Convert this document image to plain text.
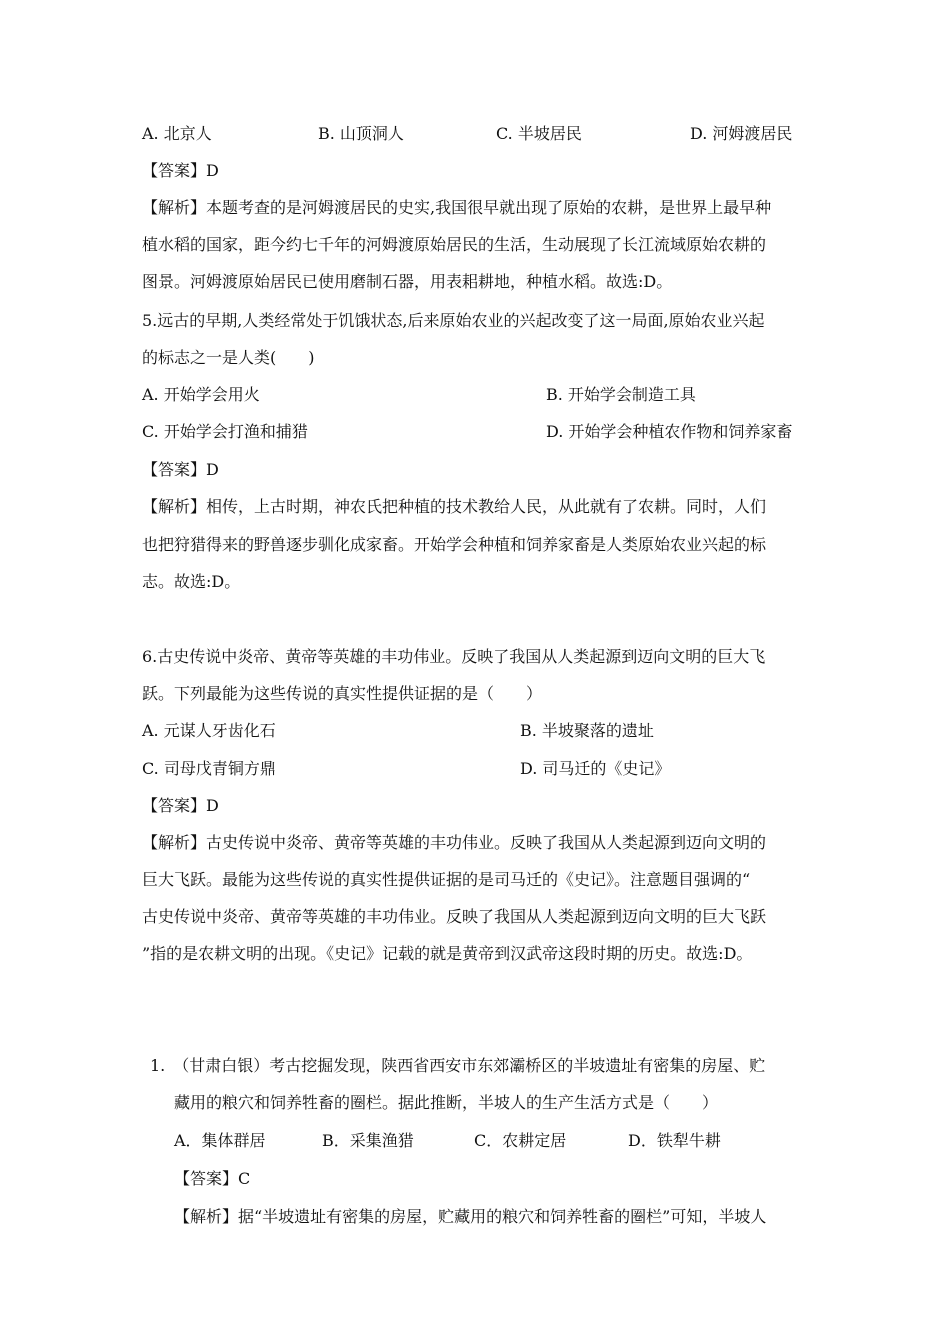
A. 北京人	B. 山顶洞人	C. 半坡居民	D. 河姆渡居民
【答案】D
【解析】本题考查的是河姆渡居民的史实,我国很早就出现了原始的农耕，是世界上最早种
植水稻的国家，距今约七千年的河姆渡原始居民的生活，生动展现了长江流域原始农耕的
图景。河姆渡原始居民已使用磨制石器，用表耜耕地，种植水稻。故选:D。
5.远古的早期,人类经常处于饥饿状态,后来原始农业的兴起改变了这一局面,原始农业兴起
的标志之一是人类(　　)
A. 开始学会用火	B. 开始学会制造工具
C. 开始学会打渔和捕猎	D. 开始学会种植农作物和饲养家畜
【答案】D
【解析】相传，上古时期，神农氏把种植的技术教给人民，从此就有了农耕。同时，人们
也把狩猎得来的野兽逐步驯化成家畜。开始学会种植和饲养家畜是人类原始农业兴起的标
志。故选:D。
6.古史传说中炎帝、黄帝等英雄的丰功伟业。反映了我国从人类起源到迈向文明的巨大飞
跃。下列最能为这些传说的真实性提供证据的是（　　）
A. 元谋人牙齿化石	B. 半坡聚落的遗址
C. 司母戊青铜方鼎	D. 司马迁的《史记》
【答案】D
【解析】古史传说中炎帝、黄帝等英雄的丰功伟业。反映了我国从人类起源到迈向文明的
巨大飞跃。最能为这些传说的真实性提供证据的是司马迁的《史记》。注意题目强调的“
古史传说中炎帝、黄帝等英雄的丰功伟业。反映了我国从人类起源到迈向文明的巨大飞跃
”指的是农耕文明的出现。《史记》记载的就是黄帝到汉武帝这段时期的历史。故选:D。
1.　（甘肃白银）考古挖掘发现，陕西省西安市东郊灞桥区的半坡遗址有密集的房屋、贮
藏用的粮穴和饲养牲畜的圈栏。据此推断，半坡人的生产生活方式是（　　）
A．集体群居	B．采集渔猎	C．农耕定居	D．铁犁牛耕
【答案】C
【解析】据“半坡遗址有密集的房屋，贮藏用的粮穴和饲养牲畜的圈栏”可知，半坡人
